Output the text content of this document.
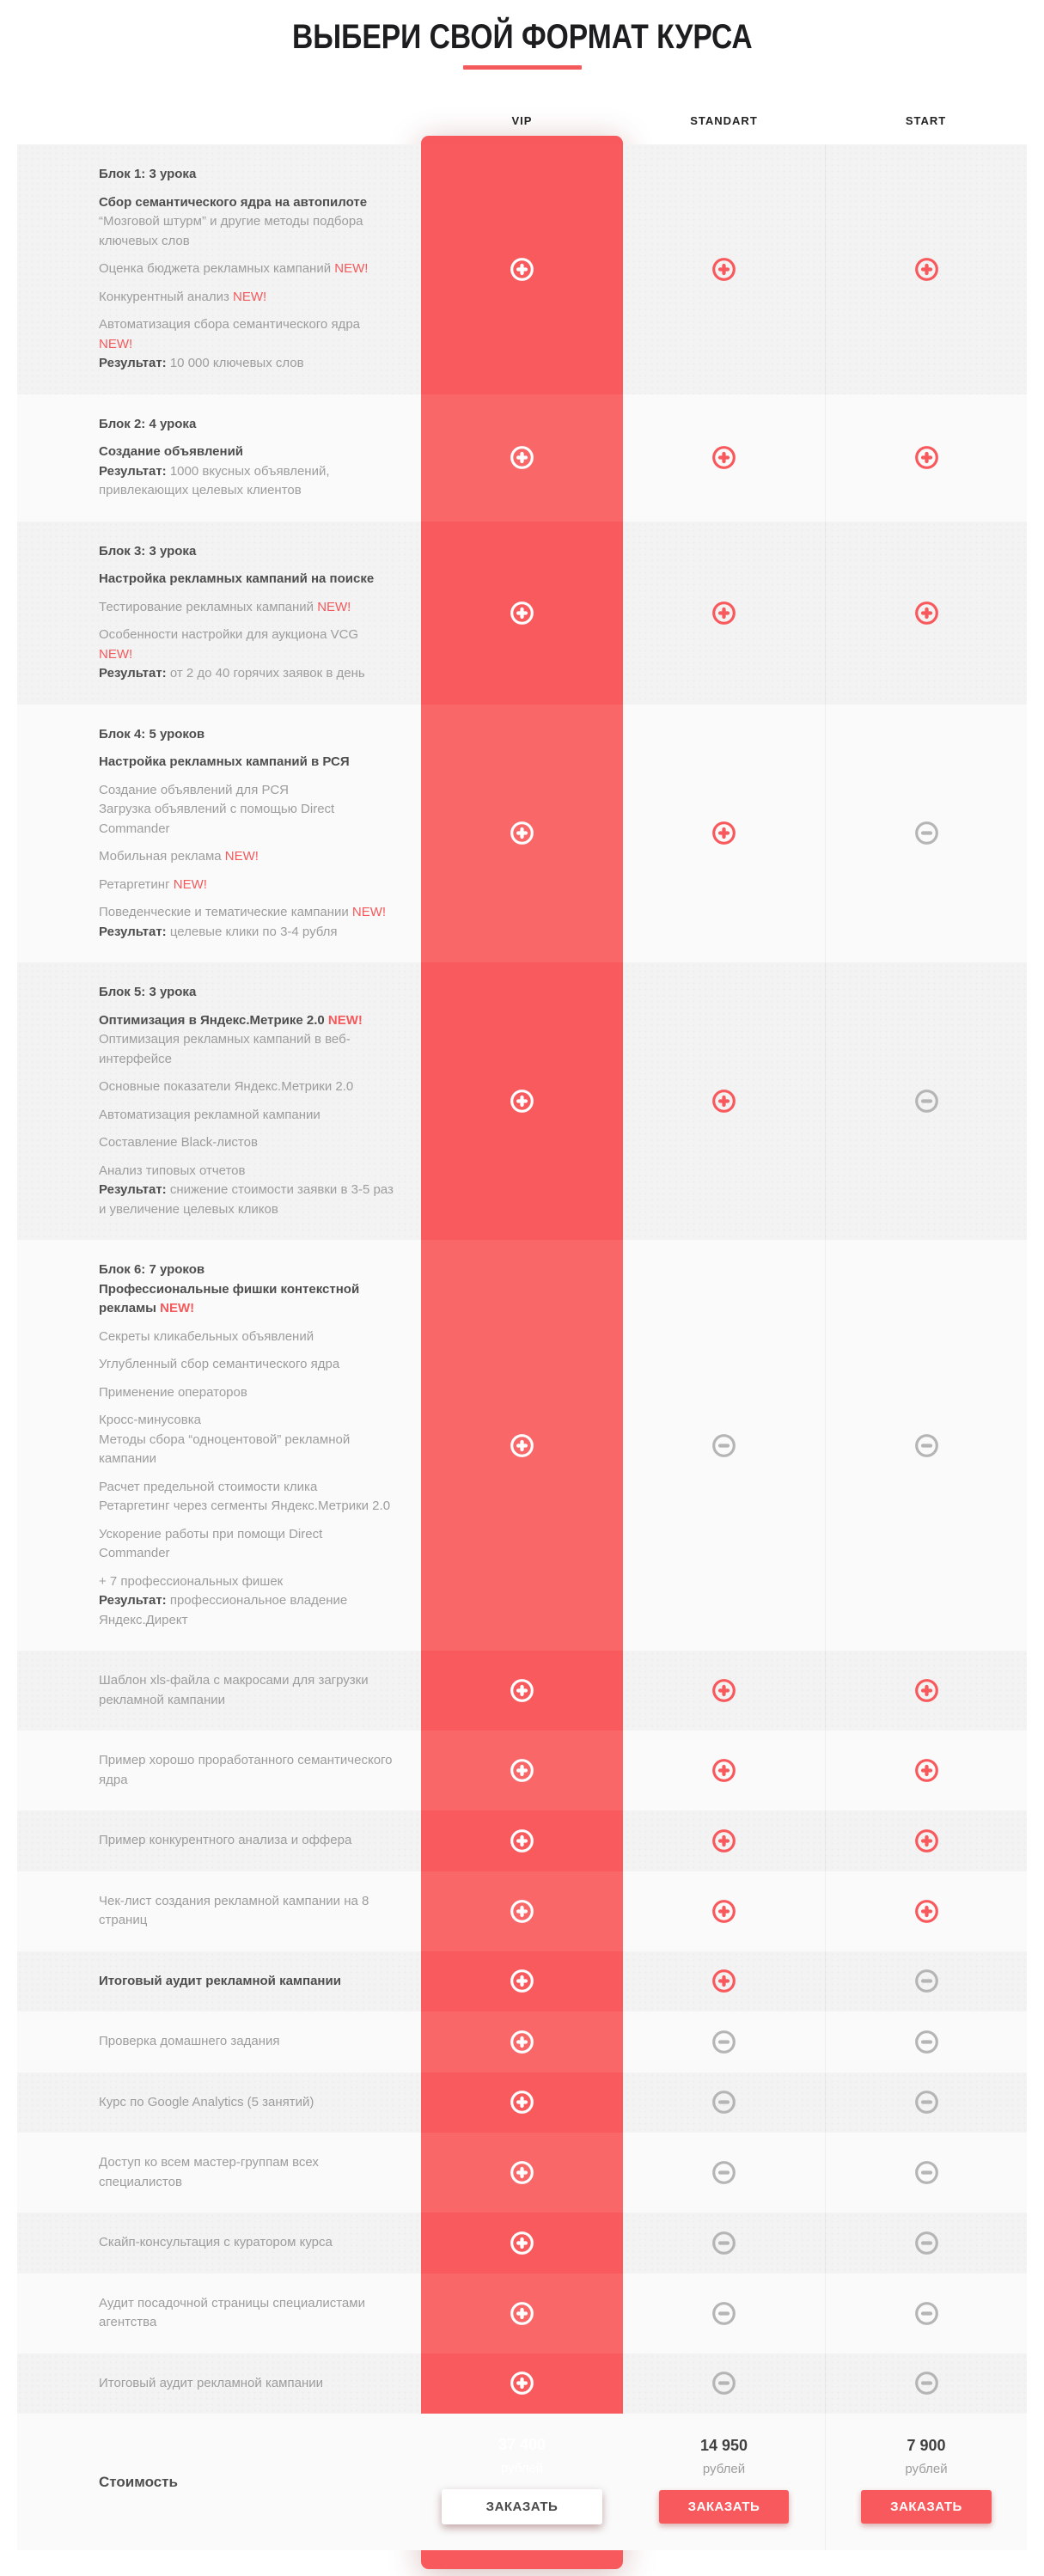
ВЫБЕРИ СВОЙ ФОРМАТ КУРСА
VIP	STANDART	START

Блок 1: 3 урока

Сбор семантического ядра на автопилоте
“Мозговой штурм” и другие методы подбора ключевых слов

Оценка бюджета рекламных кампаний NEW!

Конкурентный анализ NEW!

Автоматизация сбора семантического ядра NEW!
Результат: 10 000 ключевых слов

Блок 2: 4 урока

Создание объявлений
Результат: 1000 вкусных объявлений, привлекающих целевых клиентов

Блок 3: 3 урока

Настройка рекламных кампаний на поиске

Тестирование рекламных кампаний NEW!

Особенности настройки для аукциона VCG NEW!
Результат: от 2 до 40 горячих заявок в день

Блок 4: 5 уроков

Настройка рекламных кампаний в РСЯ

Создание объявлений для РСЯ
Загрузка объявлений с помощью Direct Commander

Мобильная реклама NEW!

Ретаргетинг NEW!

Поведенческие и тематические кампании NEW!
Результат: целевые клики по 3-4 рубля

Блок 5: 3 урока

Оптимизация в Яндекс.Метрике 2.0 NEW!
Оптимизация рекламных кампаний в веб-интерфейсе

Основные показатели Яндекс.Метрики 2.0

Автоматизация рекламной кампании

Составление Black-листов

Анализ типовых отчетов
Результат: снижение стоимости заявки в 3-5 раз и увеличение целевых кликов

Блок 6: 7 уроков
Профессиональные фишки контекстной рекламы NEW!

Секреты кликабельных объявлений

Углубленный сбор семантического ядра

Применение операторов

Кросс-минусовка
Методы сбора “одноцентовой” рекламной кампании

Расчет предельной стоимости клика
Ретаргетинг через сегменты Яндекс.Метрики 2.0

Ускорение работы при помощи Direct Commander

+ 7 профессиональных фишек
Результат: профессиональное владение Яндекс.Директ

Шаблон xls-файла с макросами для загрузки рекламной кампании

Пример хорошо проработанного семантического ядра

Пример конкурентного анализа и оффера

Чек-лист создания рекламной кампании на 8 страниц

Итоговый аудит рекламной кампании

Проверка домашнего задания

Курс по Google Analytics (5 занятий)

Доступ ко всем мастер-группам всех специалистов

Скайп-консультация с куратором курса

Аудит посадочной страницы специалистами агентства

Итоговый аудит рекламной кампании

Стоимость

37 400
рублей
ЗАКАЗАТЬ
14 950
рублей
ЗАКАЗАТЬ
7 900
рублей
ЗАКАЗАТЬ
